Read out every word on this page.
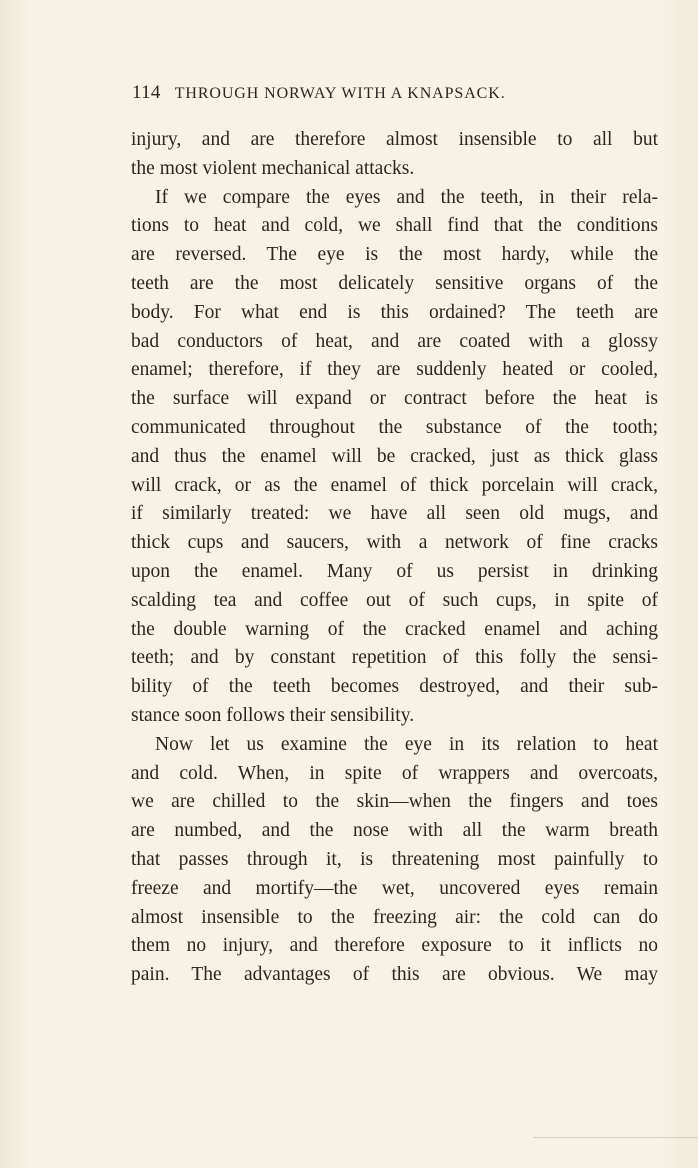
114 THROUGH NORWAY WITH A KNAPSACK.
injury, and are therefore almost insensible to all but
the most violent mechanical attacks.
If we compare the eyes and the teeth, in their rela-
tions to heat and cold, we shall find that the conditions
are reversed. The eye is the most hardy, while the
teeth are the most delicately sensitive organs of the
body. For what end is this ordained? The teeth are
bad conductors of heat, and are coated with a glossy
enamel; therefore, if they are suddenly heated or cooled,
the surface will expand or contract before the heat is
communicated throughout the substance of the tooth;
and thus the enamel will be cracked, just as thick glass
will crack, or as the enamel of thick porcelain will crack,
if similarly treated: we have all seen old mugs, and
thick cups and saucers, with a network of fine cracks
upon the enamel. Many of us persist in drinking
scalding tea and coffee out of such cups, in spite of
the double warning of the cracked enamel and aching
teeth; and by constant repetition of this folly the sensi-
bility of the teeth becomes destroyed, and their sub-
stance soon follows their sensibility.
Now let us examine the eye in its relation to heat
and cold. When, in spite of wrappers and overcoats,
we are chilled to the skin—when the fingers and toes
are numbed, and the nose with all the warm breath
that passes through it, is threatening most painfully to
freeze and mortify—the wet, uncovered eyes remain
almost insensible to the freezing air: the cold can do
them no injury, and therefore exposure to it inflicts no
pain. The advantages of this are obvious. We may
